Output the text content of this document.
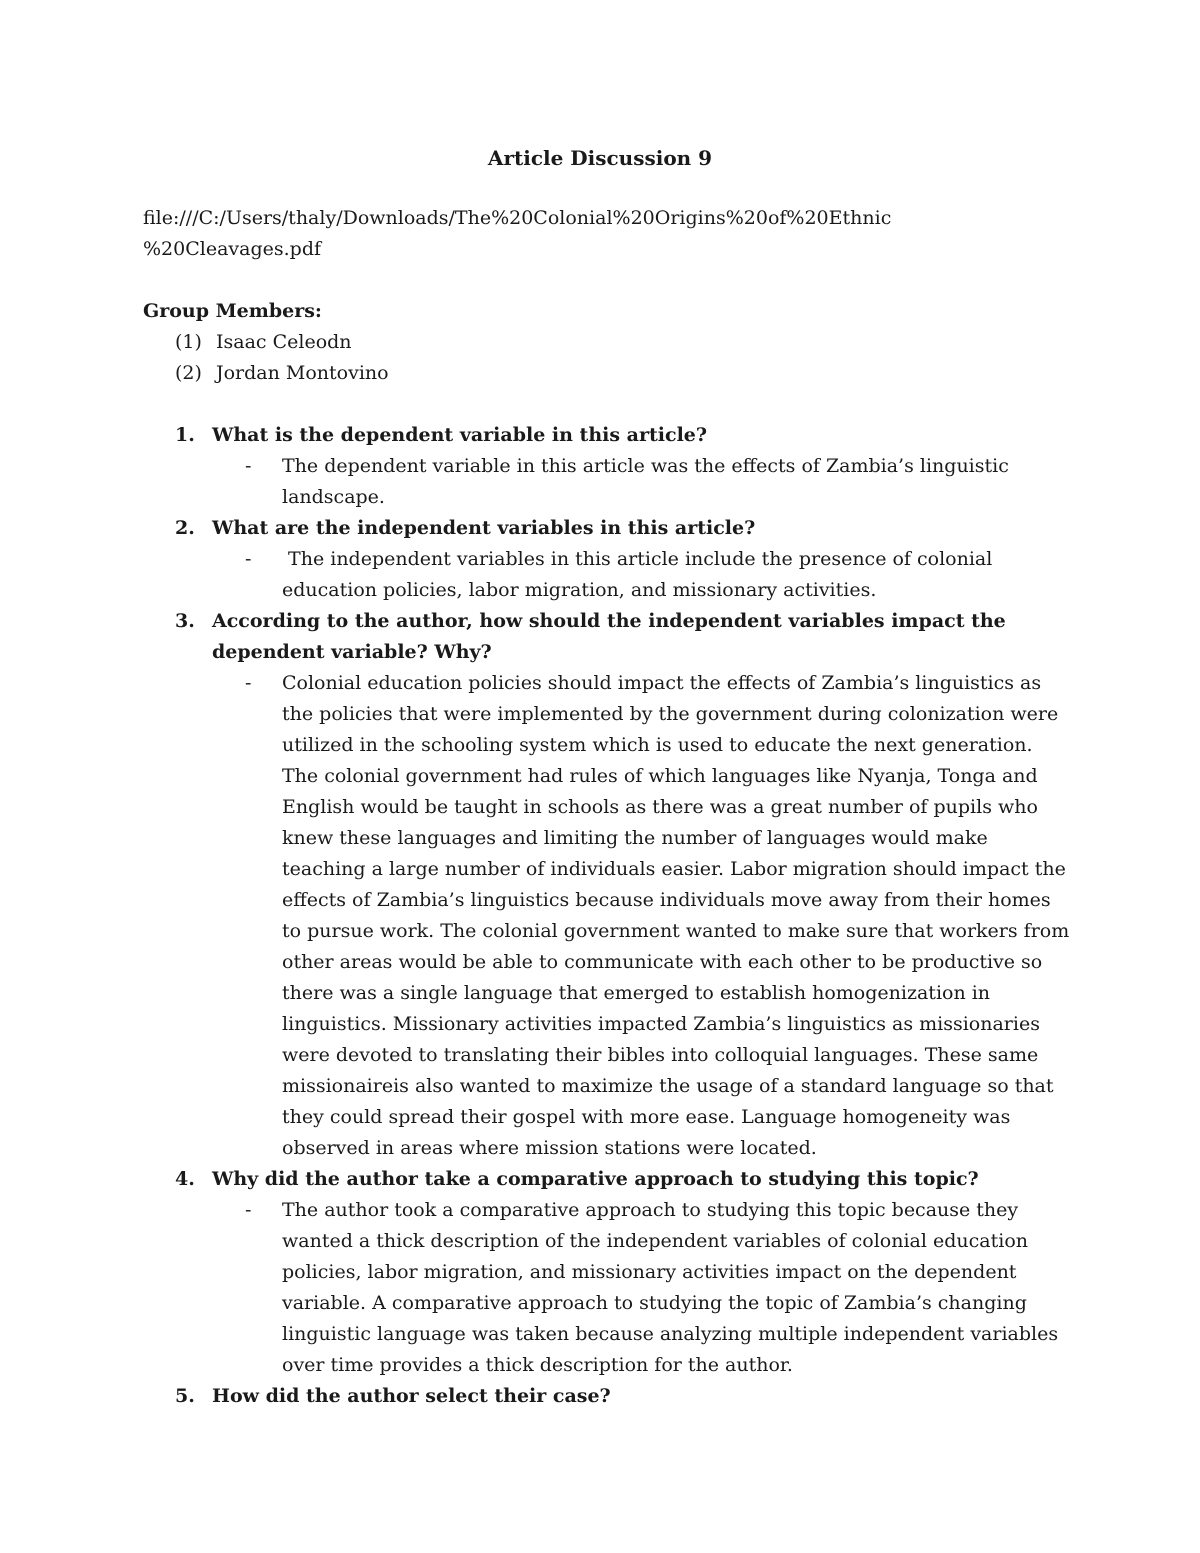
Article Discussion 9
file:///C:/Users/thaly/Downloads/The%20Colonial%20Origins%20of%20Ethnic
%20Cleavages.pdf
Group Members:
(1) Isaac Celeodn
(2) Jordan Montovino
1. What is the dependent variable in this article?
-	The dependent variable in this article was the effects of Zambia’s linguistic landscape.
2. What are the independent variables in this article?
-	The independent variables in this article include the presence of colonial education policies, labor migration, and missionary activities.
3. According to the author, how should the independent variables impact the dependent variable? Why?
-	Colonial education policies should impact the effects of Zambia’s linguistics as the policies that were implemented by the government during colonization were utilized in the schooling system which is used to educate the next generation. The colonial government had rules of which languages like Nyanja, Tonga and English would be taught in schools as there was a great number of pupils who knew these languages and limiting the number of languages would make teaching a large number of individuals easier. Labor migration should impact the effects of Zambia’s linguistics because individuals move away from their homes to pursue work. The colonial government wanted to make sure that workers from other areas would be able to communicate with each other to be productive so there was a single language that emerged to establish homogenization in linguistics. Missionary activities impacted Zambia’s linguistics as missionaries were devoted to translating their bibles into colloquial languages. These same missionaireis also wanted to maximize the usage of a standard language so that they could spread their gospel with more ease. Language homogeneity was observed in areas where mission stations were located.
4. Why did the author take a comparative approach to studying this topic?
-	The author took a comparative approach to studying this topic because they wanted a thick description of the independent variables of colonial education policies, labor migration, and missionary activities impact on the dependent variable. A comparative approach to studying the topic of Zambia’s changing linguistic language was taken because analyzing multiple independent variables over time provides a thick description for the author.
5. How did the author select their case?
